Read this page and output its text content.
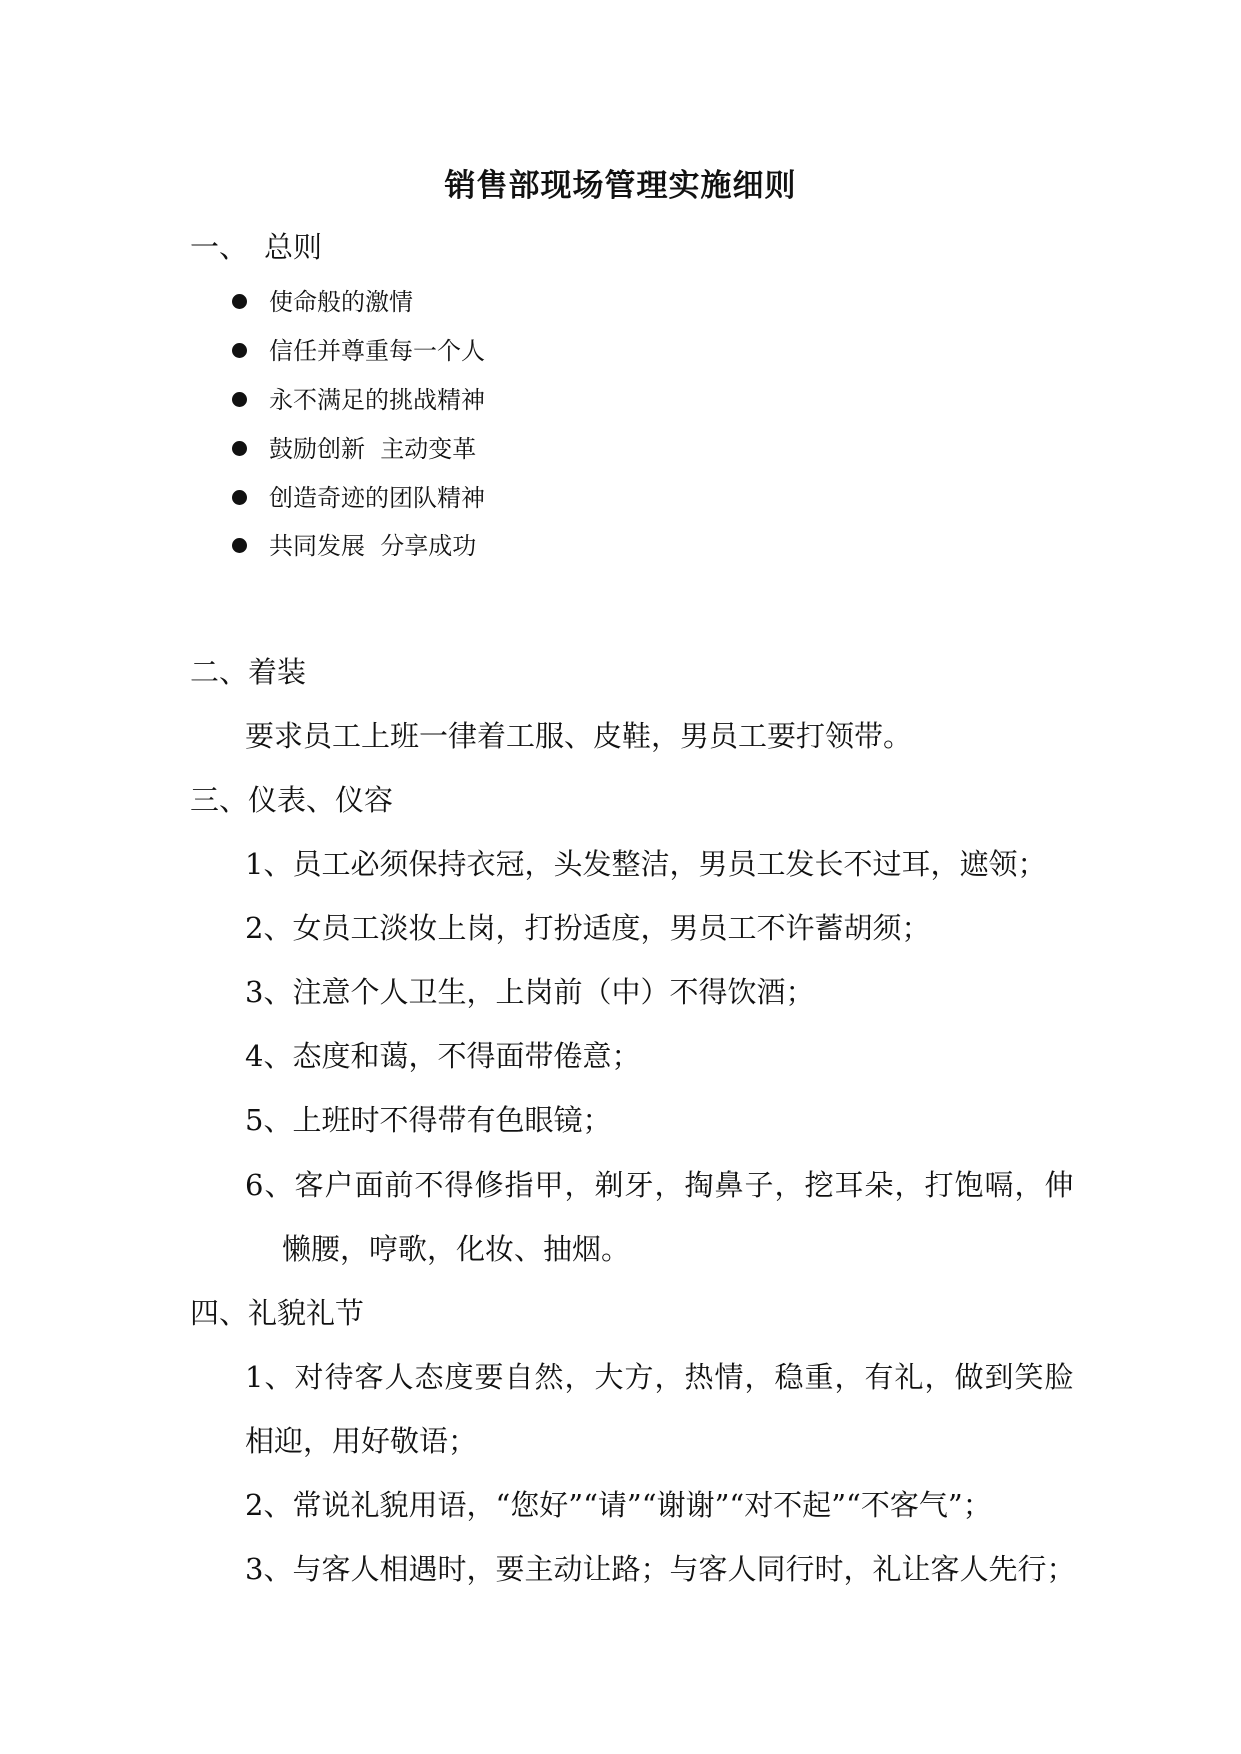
销售部现场管理实施细则
一、 总则
使命般的激情
信任并尊重每一个人
永不满足的挑战精神
鼓励创新  主动变革
创造奇迹的团队精神
共同发展  分享成功
二、着装
要求员工上班一律着工服、皮鞋，男员工要打领带。
三、仪表、仪容
1、员工必须保持衣冠，头发整洁，男员工发长不过耳，遮领；
2、女员工淡妆上岗，打扮适度，男员工不许蓄胡须；
3、注意个人卫生，上岗前（中）不得饮酒；
4、态度和蔼，不得面带倦意；
5、上班时不得带有色眼镜；
6、客户面前不得修指甲，剃牙，掏鼻子，挖耳朵，打饱嗝，伸
懒腰，哼歌，化妆、抽烟。
四、礼貌礼节
1、对待客人态度要自然，大方，热情，稳重，有礼，做到笑脸
相迎，用好敬语；
2、常说礼貌用语，“您好”“请”“谢谢”“对不起”“不客气”；
3、与客人相遇时，要主动让路；与客人同行时，礼让客人先行；
